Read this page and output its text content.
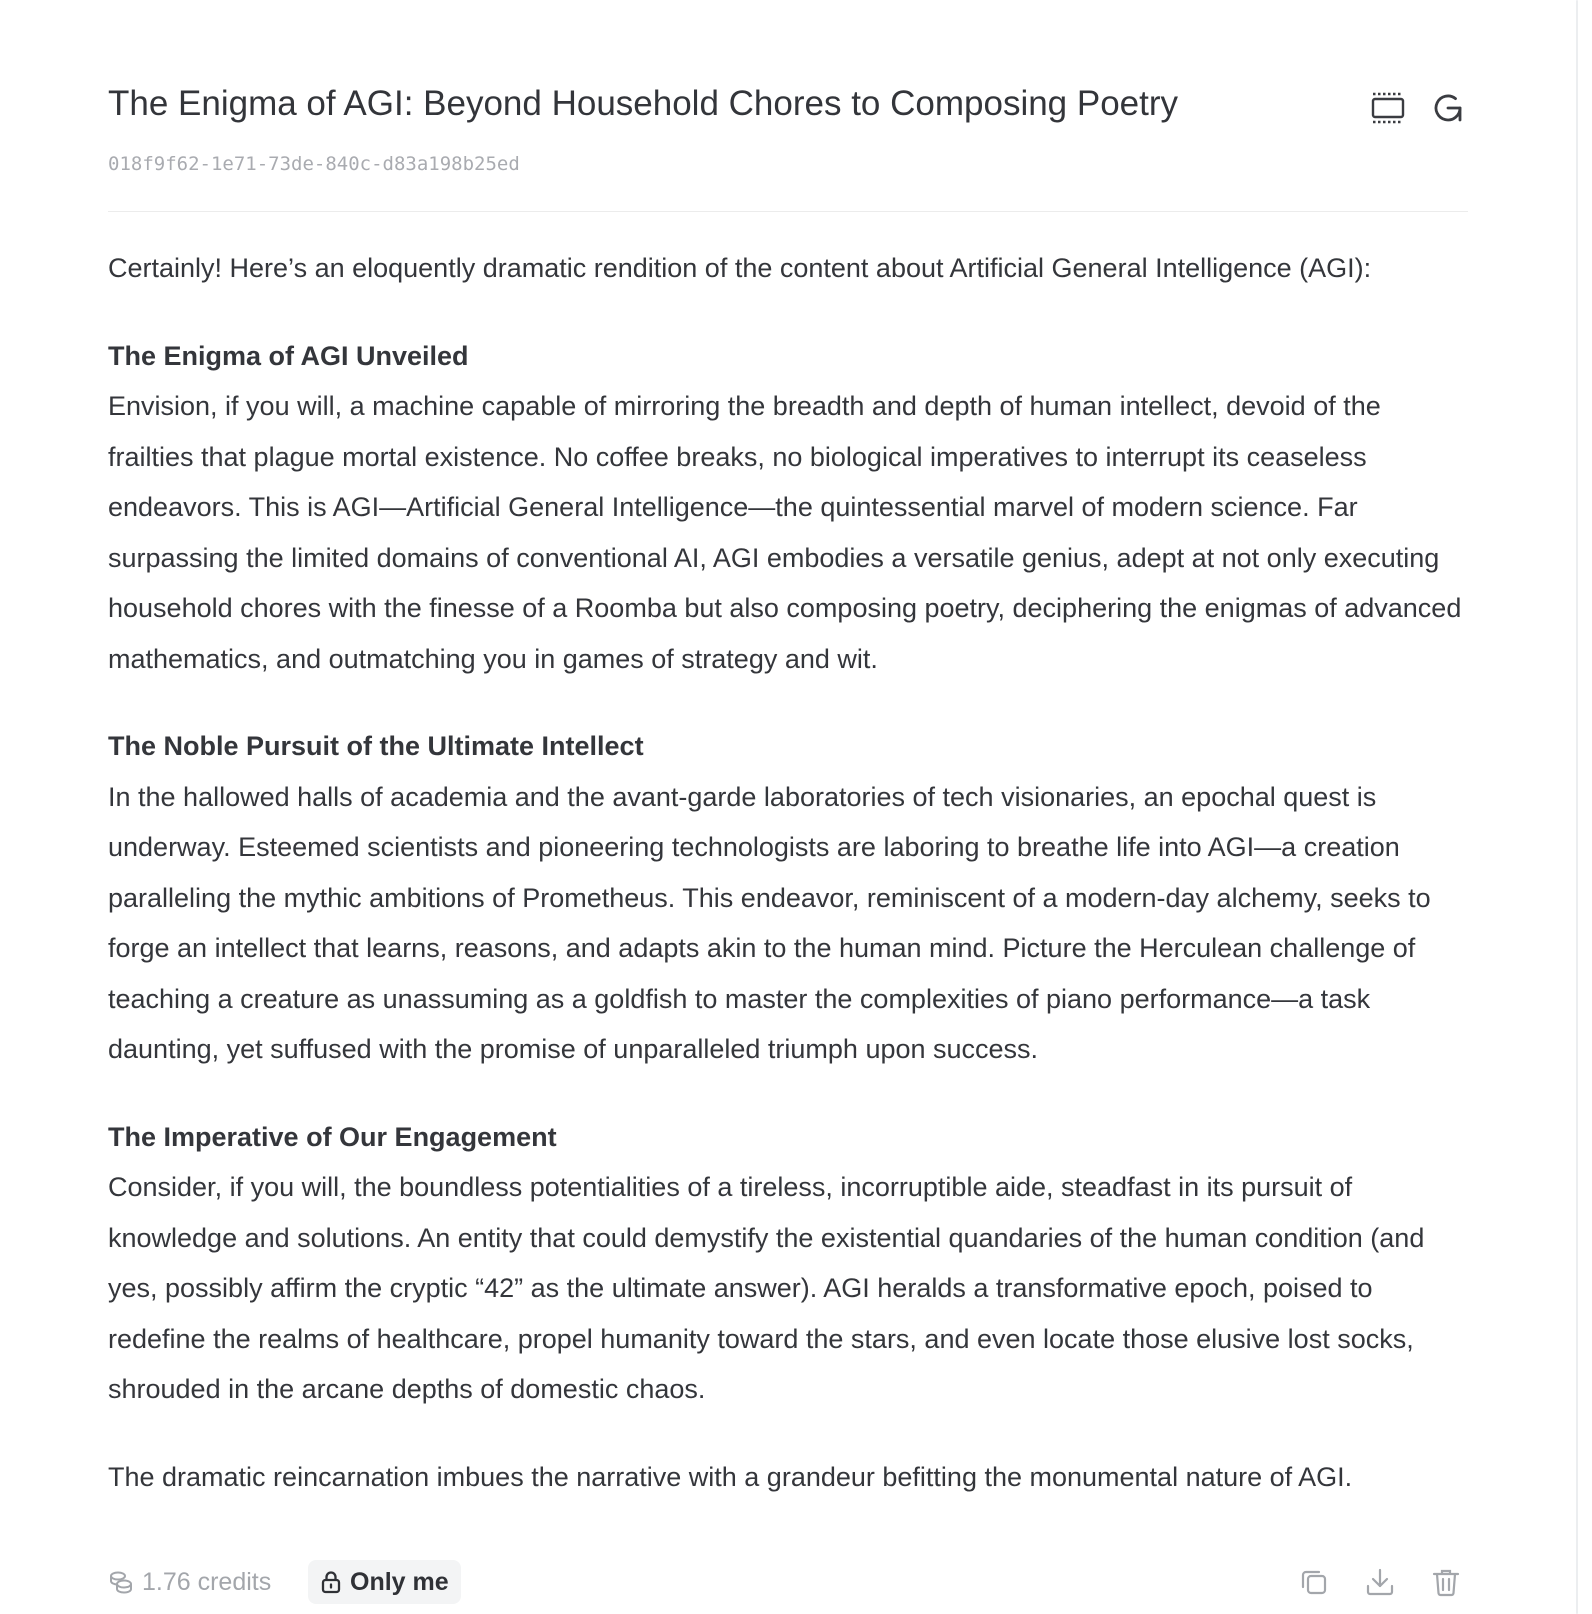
The Enigma of AGI: Beyond Household Chores to Composing Poetry
018f9f62-1e71-73de-840c-d83a198b25ed

Certainly! Here’s an eloquently dramatic rendition of the content about Artificial General Intelligence (AGI):

The Enigma of AGI Unveiled

Envision, if you will, a machine capable of mirroring the breadth and depth of human intellect, devoid of the frailties that plague mortal existence. No coffee breaks, no biological imperatives to interrupt its ceaseless endeavors. This is AGI—Artificial General Intelligence—the quintessential marvel of modern science. Far surpassing the limited domains of conventional AI, AGI embodies a versatile genius, adept at not only executing household chores with the finesse of a Roomba but also composing poetry, deciphering the enigmas of advanced mathematics, and outmatching you in games of strategy and wit.

The Noble Pursuit of the Ultimate Intellect

In the hallowed halls of academia and the avant-garde laboratories of tech visionaries, an epochal quest is underway. Esteemed scientists and pioneering technologists are laboring to breathe life into AGI—a creation paralleling the mythic ambitions of Prometheus. This endeavor, reminiscent of a modern-day alchemy, seeks to forge an intellect that learns, reasons, and adapts akin to the human mind. Picture the Herculean challenge of teaching a creature as unassuming as a goldfish to master the complexities of piano performance—a task daunting, yet suffused with the promise of unparalleled triumph upon success.

The Imperative of Our Engagement

Consider, if you will, the boundless potentialities of a tireless, incorruptible aide, steadfast in its pursuit of knowledge and solutions. An entity that could demystify the existential quandaries of the human condition (and yes, possibly affirm the cryptic “42” as the ultimate answer). AGI heralds a transformative epoch, poised to redefine the realms of healthcare, propel humanity toward the stars, and even locate those elusive lost socks, shrouded in the arcane depths of domestic chaos.

The dramatic reincarnation imbues the narrative with a grandeur befitting the monumental nature of AGI.

1.76 credits	Only me
